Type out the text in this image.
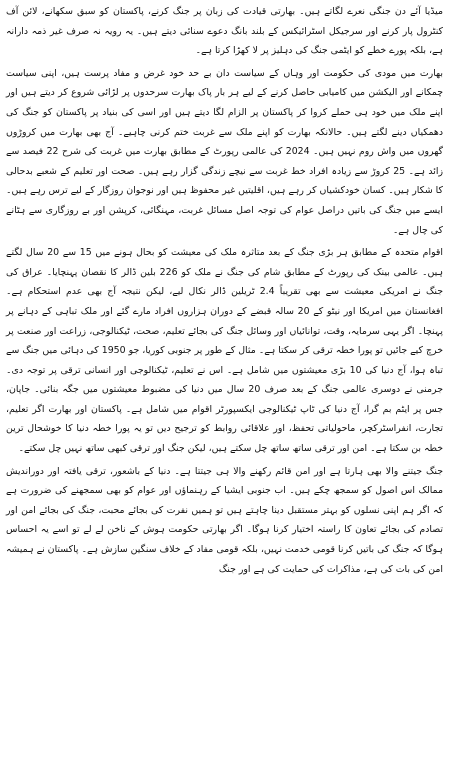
میڈیا آئے دن جنگی نعرے لگاتے ہیں۔ بھارتی قیادت کی زبان پر جنگ کرنے، پاکستان کو سبق سکھانے، لائن آف کنٹرول پار کرنے اور سرجیکل اسٹرائیکس کے بلند بانگ دعوے سنائی دیتے ہیں۔ یہ رویہ نہ صرف غیر ذمہ دارانہ ہے، بلکہ پورے خطے کو ایٹمی جنگ کی دہلیز پر لا کھڑا کرتا ہے۔

بھارت میں مودی کی حکومت اور وہاں کے سیاست دان بے حد خود غرض و مفاد پرست ہیں، اپنی سیاست چمکانے اور الیکشن میں کامیابی حاصل کرنے کے لیے ہر بار پاک بھارت سرحدوں پر لڑائی شروع کر دیتے ہیں اور اپنے ملک میں خود ہی حملے کروا کر پاکستان پر الزام لگا دیتے ہیں اور اسی کی بنیاد پر پاکستان کو جنگ کی دھمکیاں دینے لگتے ہیں۔ حالانکہ بھارت کو اپنے ملک سے غربت ختم کرنی چاہیے۔ آج بھی بھارت میں کروڑوں گھروں میں واش روم نہیں ہیں۔ 2024 کی عالمی رپورٹ کے مطابق بھارت میں غربت کی شرح 22 فیصد سے زائد ہے۔ 25 کروڑ سے زیادہ افراد خط غربت سے نیچے زندگی گزار رہے ہیں۔ صحت اور تعلیم کے شعبے بدحالی کا شکار ہیں۔ کسان خودکشیاں کر رہے ہیں، اقلیتیں غیر محفوظ ہیں اور نوجوان روزگار کے لیے ترس رہے ہیں۔ ایسے میں جنگ کی باتیں دراصل عوام کی توجہ اصل مسائل غربت، مہنگائی، کرپشن اور بے روزگاری سے ہٹانے کی چال ہے۔

اقوام متحدہ کے مطابق ہر بڑی جنگ کے بعد متاثرہ ملک کی معیشت کو بحال ہونے میں 15 سے 20 سال لگتے ہیں۔ عالمی بینک کی رپورٹ کے مطابق شام کی جنگ نے ملک کو 226 بلین ڈالر کا نقصان پہنچایا۔ عراق کی جنگ نے امریکی معیشت سے بھی تقریباً 2.4 ٹریلین ڈالر نکال لیے، لیکن نتیجہ آج بھی عدم استحکام ہے۔ افغانستان میں امریکا اور نیٹو کے 20 سالہ قبضے کے دوران ہزاروں افراد مارے گئے اور ملک تباہی کے دہانے پر پہنچا۔ اگر یہی سرمایہ، وقت، توانائیاں اور وسائل جنگ کی بجائے تعلیم، صحت، ٹیکنالوجی، زراعت اور صنعت پر خرچ کیے جائیں تو پورا خطہ ترقی کر سکتا ہے۔ مثال کے طور پر جنوبی کوریا، جو 1950 کی دہائی میں جنگ سے تباہ ہوا، آج دنیا کی 10 بڑی معیشتوں میں شامل ہے۔ اس نے تعلیم، ٹیکنالوجی اور انسانی ترقی پر توجہ دی۔ جرمنی نے دوسری عالمی جنگ کے بعد صرف 20 سال میں دنیا کی مضبوط معیشتوں میں جگہ بنائی۔ جاپان، جس پر ایٹم بم گرا، آج دنیا کی ٹاپ ٹیکنالوجی ایکسپورٹر اقوام میں شامل ہے۔ پاکستان اور بھارت اگر تعلیم، تجارت، انفراسٹرکچر، ماحولیاتی تحفظ، اور علاقائی روابط کو ترجیح دیں تو یہ پورا خطہ دنیا کا خوشحال ترین خطہ بن سکتا ہے۔ امن اور ترقی ساتھ ساتھ چل سکتے ہیں، لیکن جنگ اور ترقی کبھی ساتھ نہیں چل سکتے۔

جنگ جیتنے والا بھی ہارتا ہے اور امن قائم رکھنے والا ہی جیتتا ہے۔ دنیا کے باشعور، ترقی یافتہ اور دوراندیش ممالک اس اصول کو سمجھ چکے ہیں۔ اب جنوبی ایشیا کے رہنماؤں اور عوام کو بھی سمجھنے کی ضرورت ہے کہ اگر ہم اپنی نسلوں کو بہتر مستقبل دینا چاہتے ہیں تو ہمیں نفرت کی بجائے محبت، جنگ کی بجائے امن اور تصادم کی بجائے تعاون کا راستہ اختیار کرنا ہوگا۔ اگر بھارتی حکومت ہوش کے ناخن لے لے تو اسے یہ احساس ہوگا کہ جنگ کی باتیں کرنا قومی خدمت نہیں، بلکہ قومی مفاد کے خلاف سنگین سازش ہے۔ پاکستان نے ہمیشہ امن کی بات کی ہے، مذاکرات کی حمایت کی ہے اور جنگ
